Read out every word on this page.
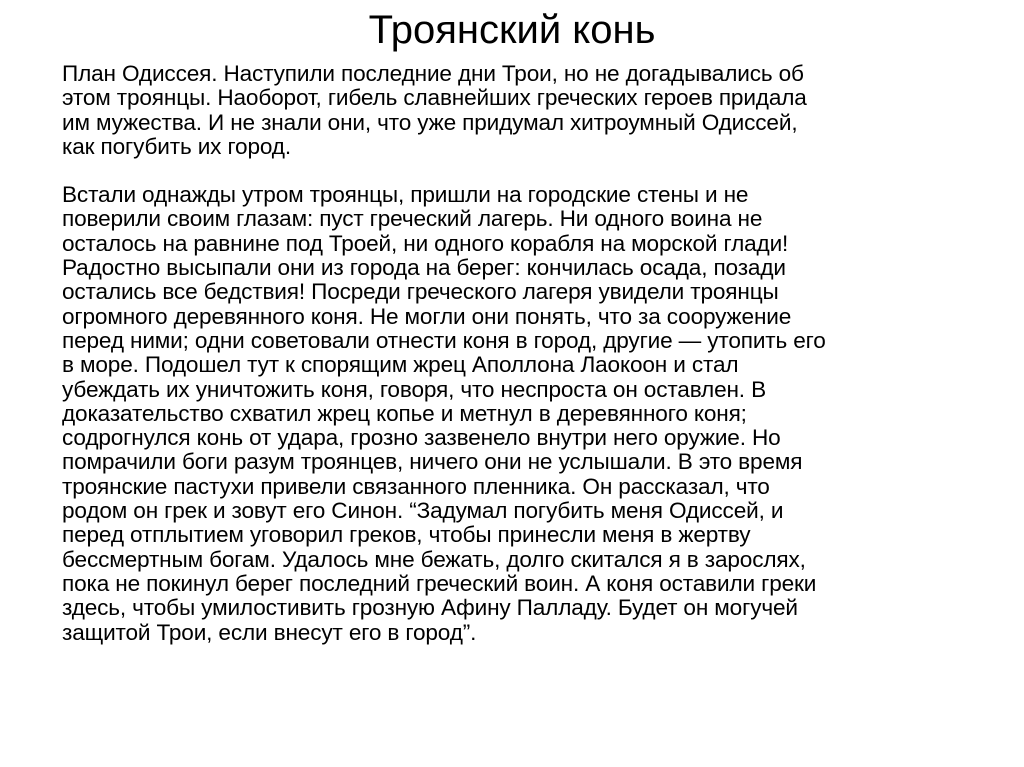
Троянский конь

План Одиссея. Наступили последние дни Трои, но не догадывались об
этом троянцы. Наоборот, гибель славнейших греческих героев придала
им мужества. И не знали они, что уже придумал хитроумный Одиссей,
как погубить их город.

Встали однажды утром троянцы, пришли на городские стены и не
поверили своим глазам: пуст греческий лагерь. Ни одного воина не
осталось на равнине под Троей, ни одного корабля на морской глади!
Радостно высыпали они из города на берег: кончилась осада, позади
остались все бедствия! Посреди греческого лагеря увидели троянцы
огромного деревянного коня. Не могли они понять, что за сооружение
перед ними; одни советовали отнести коня в город, другие — утопить его
в море. Подошел тут к спорящим жрец Аполлона Лаокоон и стал
убеждать их уничтожить коня, говоря, что неспроста он оставлен. В
доказательство схватил жрец копье и метнул в деревянного коня;
содрогнулся конь от удара, грозно зазвенело внутри него оружие. Но
помрачили боги разум троянцев, ничего они не услышали. В это время
троянские пастухи привели связанного пленника. Он рассказал, что
родом он грек и зовут его Синон. “Задумал погубить меня Одиссей, и
перед отплытием уговорил греков, чтобы принесли меня в жертву
бессмертным богам. Удалось мне бежать, долго скитался я в зарослях,
пока не покинул берег последний греческий воин. А коня оставили греки
здесь, чтобы умилостивить грозную Афину Палладу. Будет он могучей
защитой Трои, если внесут его в город”.
